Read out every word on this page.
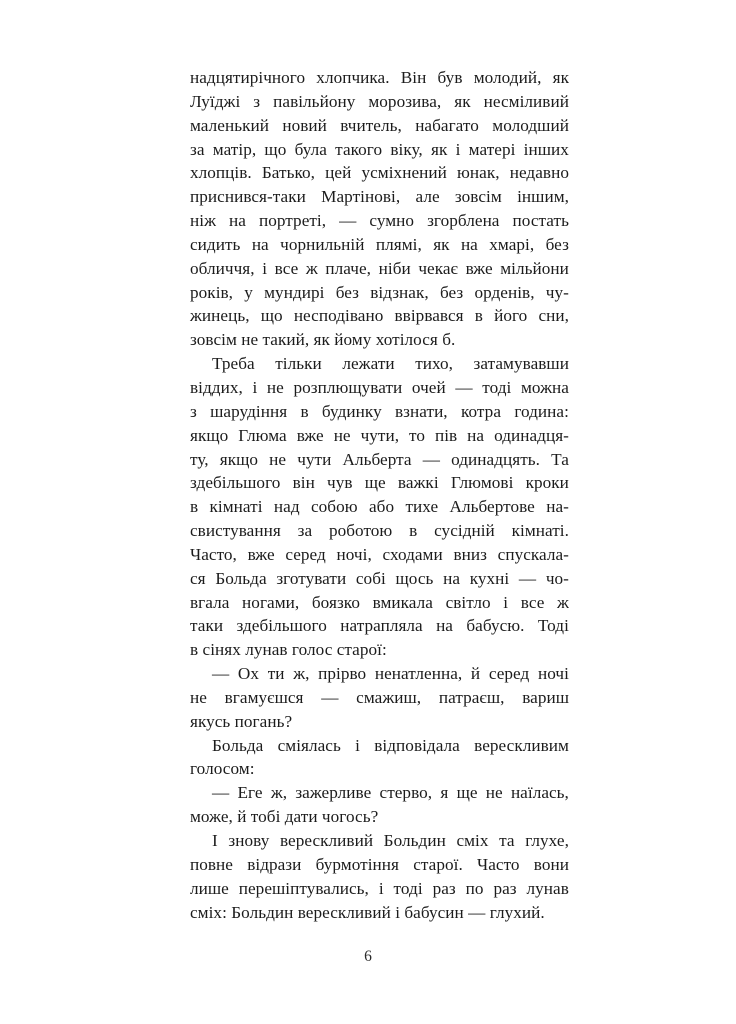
надцятирічного хлопчика. Він був молодий, як
Луїджі з павільйону морозива, як несміливий
маленький новий вчитель, набагато молодший
за матір, що була такого віку, як і матері інших
хлопців. Батько, цей усміхнений юнак, недавно
приснився-таки Мартінові, але зовсім іншим,
ніж на портреті, — сумно згорблена постать
сидить на чорнильній плямі, як на хмарі, без
обличчя, і все ж плаче, ніби чекає вже мільйони
років, у мундирі без відзнак, без орденів, чу-
жинець, що несподівано ввірвався в його сни,
зовсім не такий, як йому хотілося б.
Треба тільки лежати тихо, затамувавши
віддих, і не розплющувати очей — тоді можна
з шарудіння в будинку взнати, котра година:
якщо Глюма вже не чути, то пів на одинадця-
ту, якщо не чути Альберта — одинадцять. Та
здебільшого він чув ще важкі Глюмові кроки
в кімнаті над собою або тихе Альбертове на-
свистування за роботою в сусідній кімнаті.
Часто, вже серед ночі, сходами вниз спускала-
ся Больда зготувати собі щось на кухні — чо-
вгала ногами, боязко вмикала світло і все ж
таки здебільшого натрапляла на бабусю. Тоді
в сінях лунав голос старої:
— Ох ти ж, прірво ненатленна, й серед ночі
не вгамуєшся — смажиш, патраєш, вариш
якусь погань?
Больда сміялась і відповідала верескливим
голосом:
— Еге ж, зажерливе стерво, я ще не наїлась,
може, й тобі дати чогось?
І знову верескливий Больдин сміх та глухе,
повне відрази бурмотіння старої. Часто вони
лише перешіптувались, і тоді раз по раз лунав
сміх: Больдин верескливий і бабусин — глухий.
6
